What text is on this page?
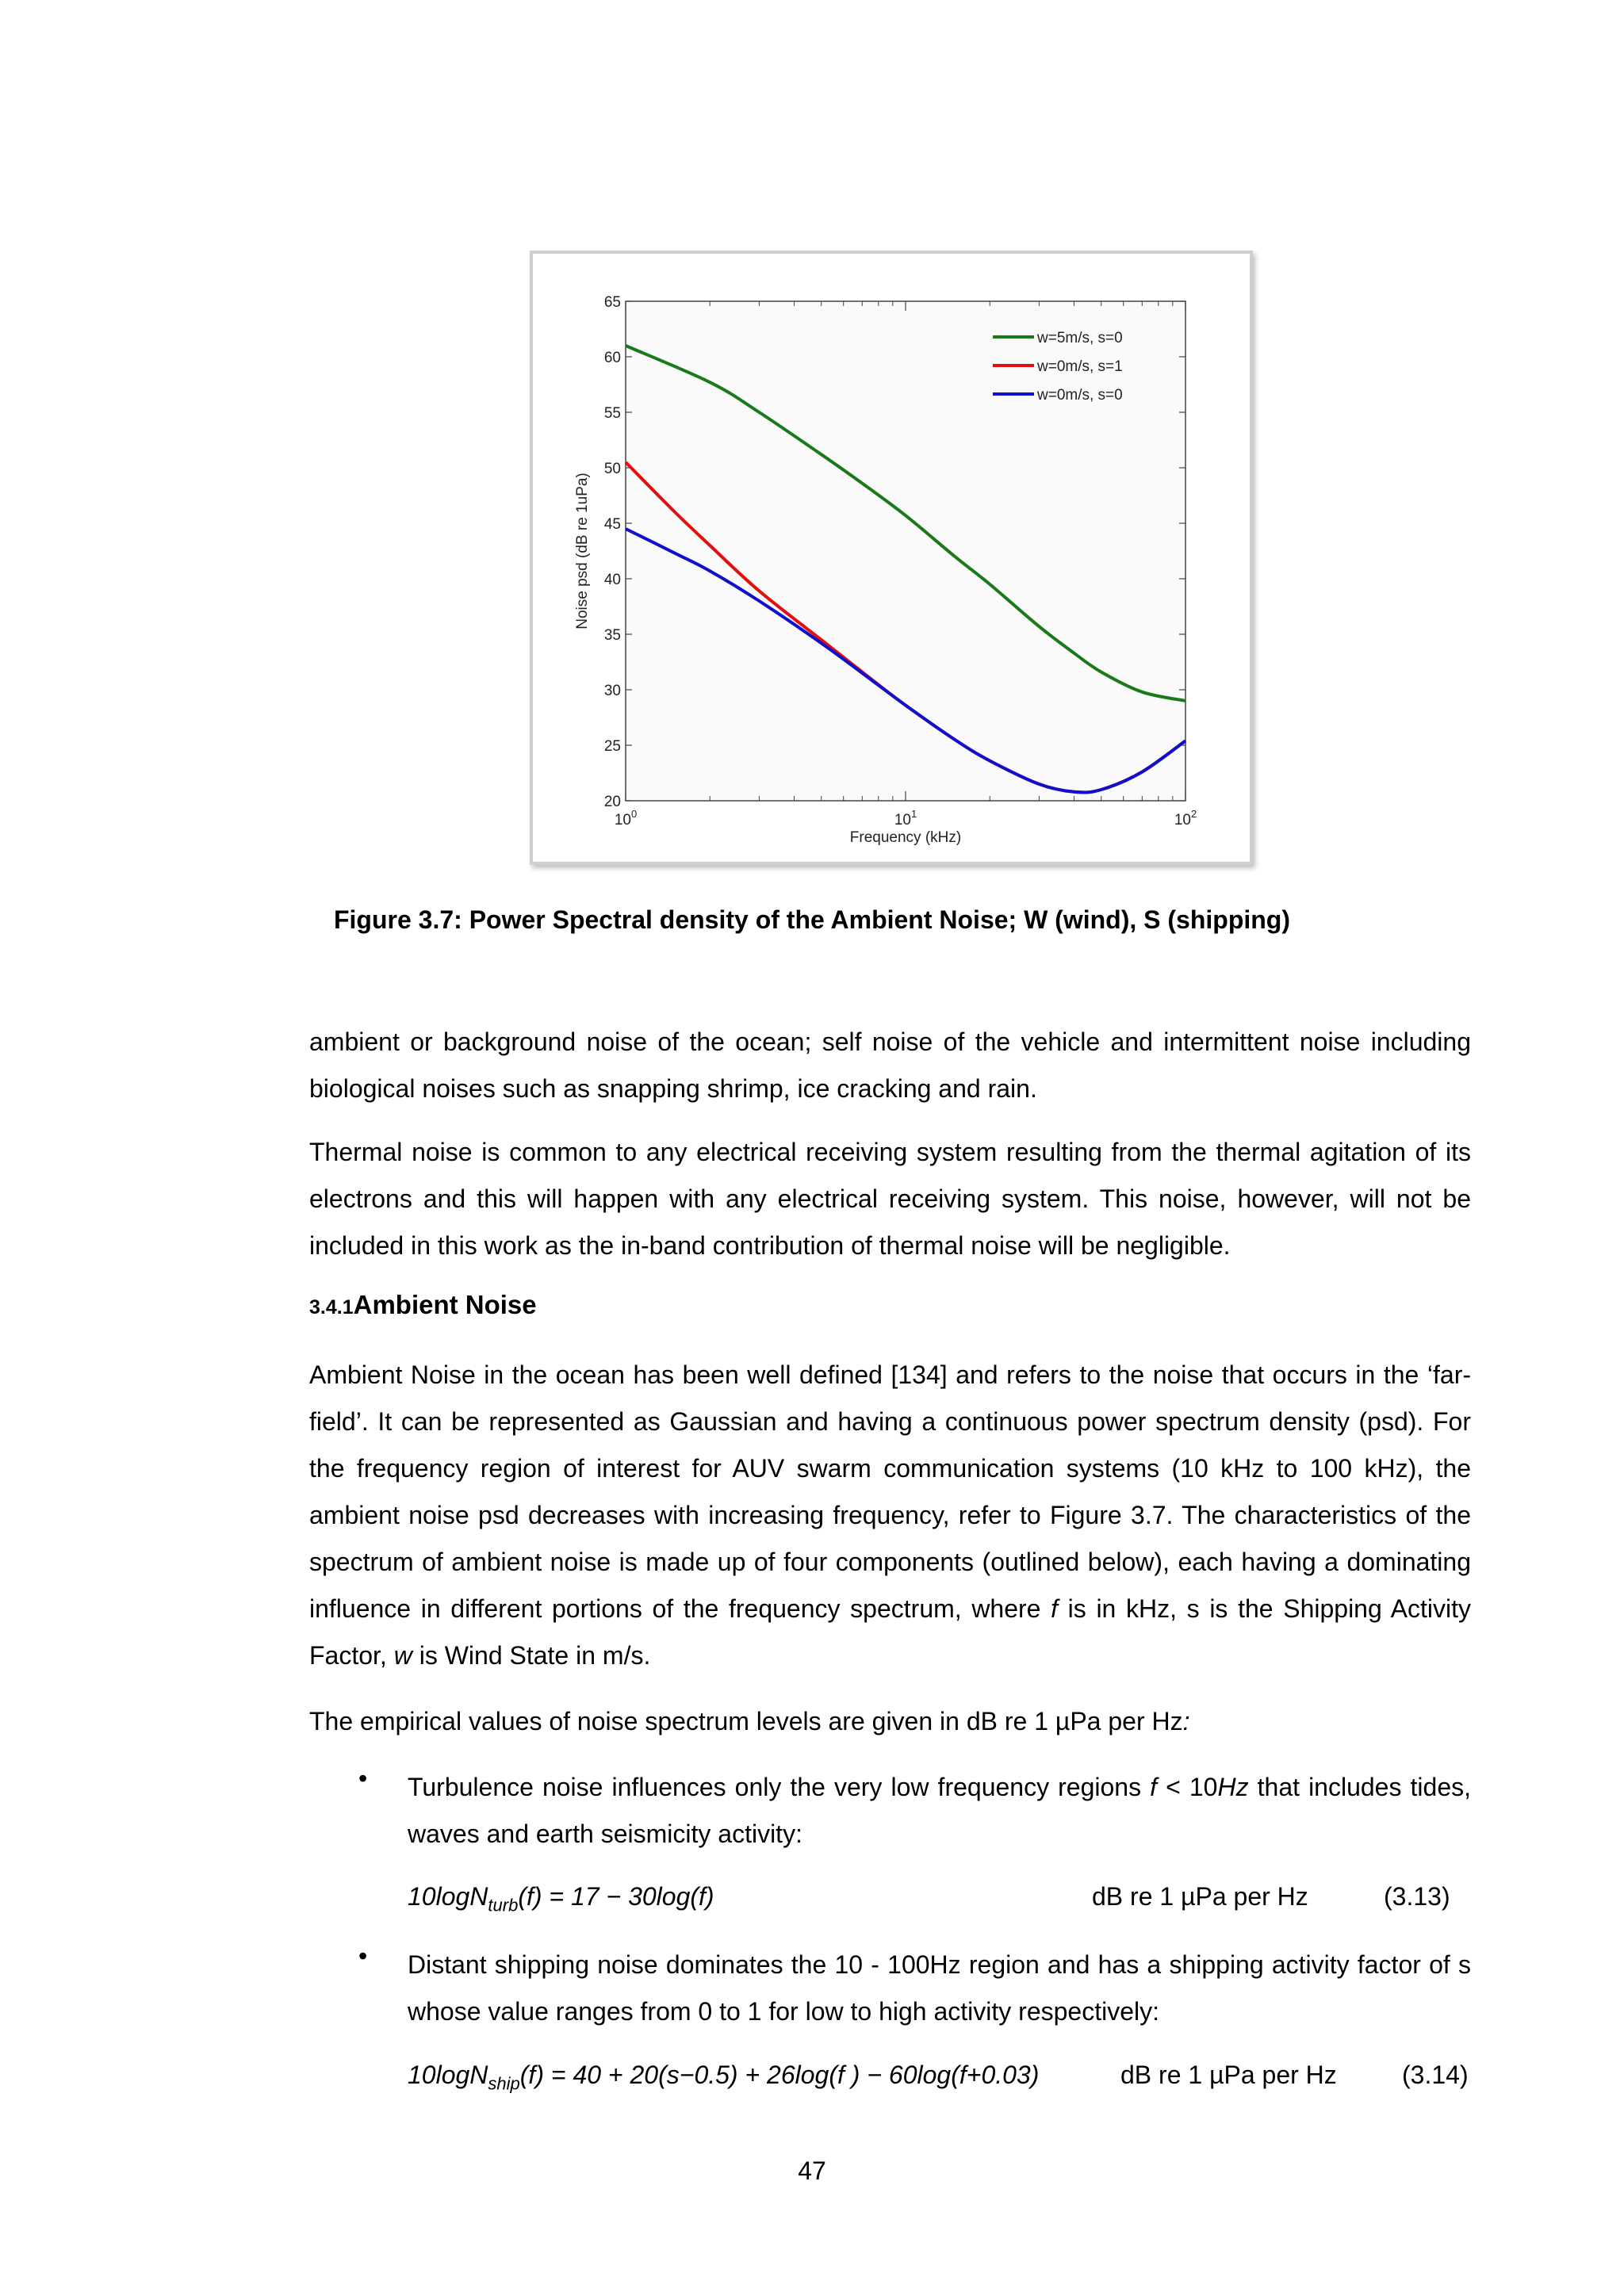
20
25
30
35
40
45
50
55
60
65
$10^0$	$10^1$	$10^2$
w=5m/s, s=0
w=0m/s, s=1
w=0m/s, s=0
Frequency (kHz)
Noise psd (dB re 1uPa)
Figure 3.7: Power Spectral density of the Ambient Noise; W (wind), S (shipping)

ambient or background noise of the ocean; self noise of the vehicle and intermittent noise including biological noises such as snapping shrimp, ice cracking and rain.

Thermal noise is common to any electrical receiving system resulting from the thermal agitation of its electrons and this will happen with any electrical receiving system. This noise, however, will not be included in this work as the in-band contribution of thermal noise will be negligible.

3.4.1Ambient Noise

Ambient Noise in the ocean has been well defined [134] and refers to the noise that occurs in the ‘far-field’. It can be represented as Gaussian and having a continuous power spectrum density (psd). For the frequency region of interest for AUV swarm communication systems (10 kHz to 100 kHz), the ambient noise psd decreases with increasing frequency, refer to Figure 3.7. The characteristics of the spectrum of ambient noise is made up of four components (outlined below), each having a dominating influence in different portions of the frequency spectrum, where f is in kHz, s is the Shipping Activity Factor, w is Wind State in m/s.

The empirical values of noise spectrum levels are given in dB re 1 µPa per Hz:

• Turbulence noise influences only the very low frequency regions f < 10Hz that includes tides, waves and earth seismicity activity:

10logN$_{turb}$(f) = 17 − 30log(f)	dB re 1 µPa per Hz	(3.13)
• Distant shipping noise dominates the 10 - 100Hz region and has a shipping activity factor of s whose value ranges from 0 to 1 for low to high activity respectively:

10logN$_{ship}$(f) = 40 + 20(s−0.5) + 26log(f ) − 60log(f+0.03)	dB re 1 µPa per Hz	(3.14)
47
